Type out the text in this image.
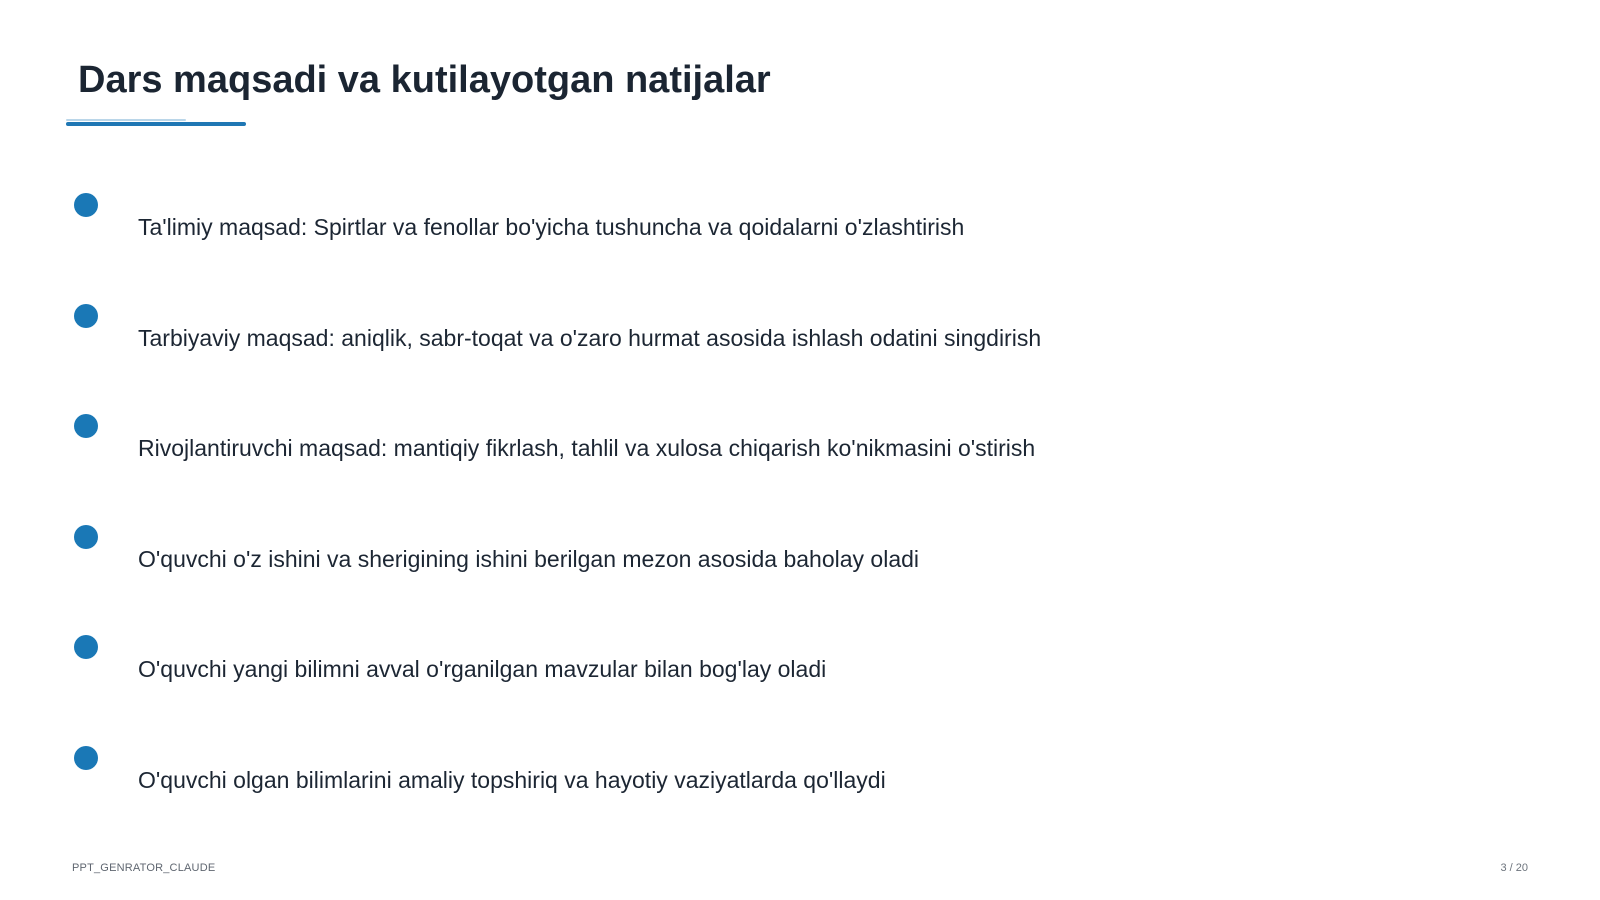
Dars maqsadi va kutilayotgan natijalar
Ta'limiy maqsad: Spirtlar va fenollar bo'yicha tushuncha va qoidalarni o'zlashtirish
Tarbiyaviy maqsad: aniqlik, sabr-toqat va o'zaro hurmat asosida ishlash odatini singdirish
Rivojlantiruvchi maqsad: mantiqiy fikrlash, tahlil va xulosa chiqarish ko'nikmasini o'stirish
O'quvchi o'z ishini va sherigining ishini berilgan mezon asosida baholay oladi
O'quvchi yangi bilimni avval o'rganilgan mavzular bilan bog'lay oladi
O'quvchi olgan bilimlarini amaliy topshiriq va hayotiy vaziyatlarda qo'llaydi
PPT_GENRATOR_CLAUDE	3 / 20
